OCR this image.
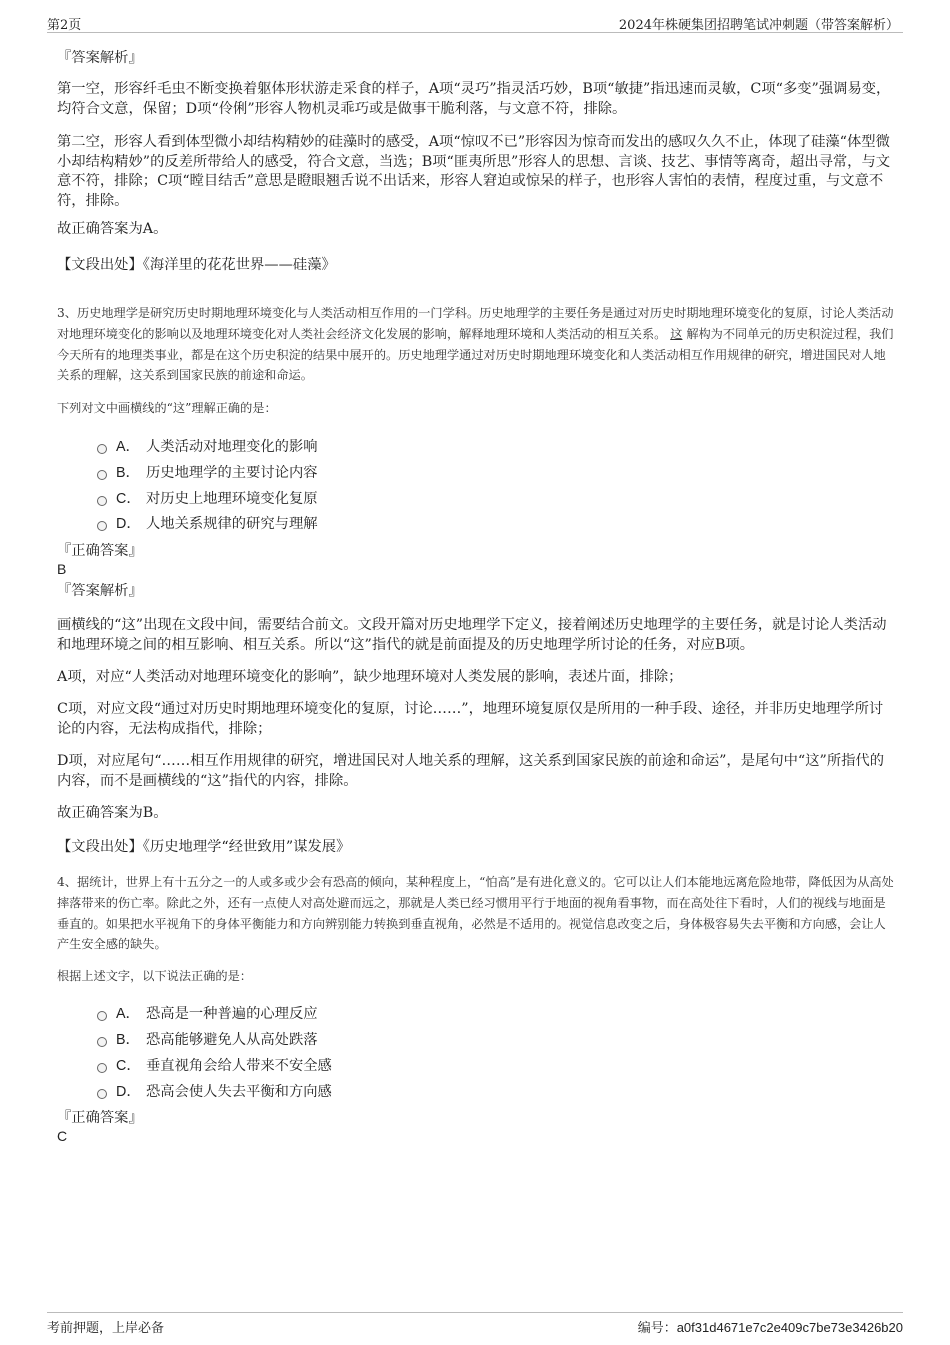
第2页	2024年株硬集团招聘笔试冲刺题（带答案解析）
『答案解析』
第一空，形容纤毛虫不断变换着躯体形状游走采食的样子，A项“灵巧”指灵活巧妙，B项“敏捷”指迅速而灵敏，C项“多变”强调易变，均符合文意，保留；D项“伶俐”形容人物机灵乖巧或是做事干脆利落，与文意不符，排除。
第二空，形容人看到体型微小却结构精妙的硅藻时的感受，A项“惊叹不已”形容因为惊奇而发出的感叹久久不止，体现了硅藻“体型微小却结构精妙”的反差所带给人的感受，符合文意，当选；B项“匪夷所思”形容人的思想、言谈、技艺、事情等离奇，超出寻常，与文意不符，排除；C项“瞠目结舌”意思是瞪眼翘舌说不出话来，形容人窘迫或惊呆的样子，也形容人害怕的表情，程度过重，与文意不符，排除。
故正确答案为A。
【文段出处】《海洋里的花花世界——硅藻》
3、历史地理学是研究历史时期地理环境变化与人类活动相互作用的一门学科。历史地理学的主要任务是通过对历史时期地理环境变化的复原，讨论人类活动对地理环境变化的影响以及地理环境变化对人类社会经济文化发展的影响，解释地理环境和人类活动的相互关系。 这 解构为不同单元的历史积淀过程，我们今天所有的地理类事业，都是在这个历史积淀的结果中展开的。历史地理学通过对历史时期地理环境变化和人类活动相互作用规律的研究，增进国民对人地关系的理解，这关系到国家民族的前途和命运。
下列对文中画横线的“这”理解正确的是：
A． 人类活动对地理变化的影响
B． 历史地理学的主要讨论内容
C． 对历史上地理环境变化复原
D． 人地关系规律的研究与理解
『正确答案』
B
『答案解析』
画横线的“这”出现在文段中间，需要结合前文。文段开篇对历史地理学下定义，接着阐述历史地理学的主要任务，就是讨论人类活动和地理环境之间的相互影响、相互关系。所以“这”指代的就是前面提及的历史地理学所讨论的任务，对应B项。
A项，对应“人类活动对地理环境变化的影响”，缺少地理环境对人类发展的影响，表述片面，排除；
C项，对应文段“通过对历史时期地理环境变化的复原，讨论……”，地理环境复原仅是所用的一种手段、途径，并非历史地理学所讨论的内容，无法构成指代，排除；
D项，对应尾句“……相互作用规律的研究，增进国民对人地关系的理解，这关系到国家民族的前途和命运”，是尾句中“这”所指代的内容，而不是画横线的“这”指代的内容，排除。
故正确答案为B。
【文段出处】《历史地理学“经世致用”谋发展》
4、据统计，世界上有十五分之一的人或多或少会有恐高的倾向，某种程度上，“怕高”是有进化意义的。它可以让人们本能地远离危险地带，降低因为从高处摔落带来的伤亡率。除此之外，还有一点使人对高处避而远之，那就是人类已经习惯用平行于地面的视角看事物，而在高处往下看时，人们的视线与地面是垂直的。如果把水平视角下的身体平衡能力和方向辨别能力转换到垂直视角，必然是不适用的。视觉信息改变之后，身体极容易失去平衡和方向感，会让人产生安全感的缺失。
根据上述文字，以下说法正确的是：
A． 恐高是一种普遍的心理反应
B． 恐高能够避免人从高处跌落
C． 垂直视角会给人带来不安全感
D． 恐高会使人失去平衡和方向感
『正确答案』
C
考前押题，上岸必备	编号：a0f31d4671e7c2e409c7be73e3426b20
